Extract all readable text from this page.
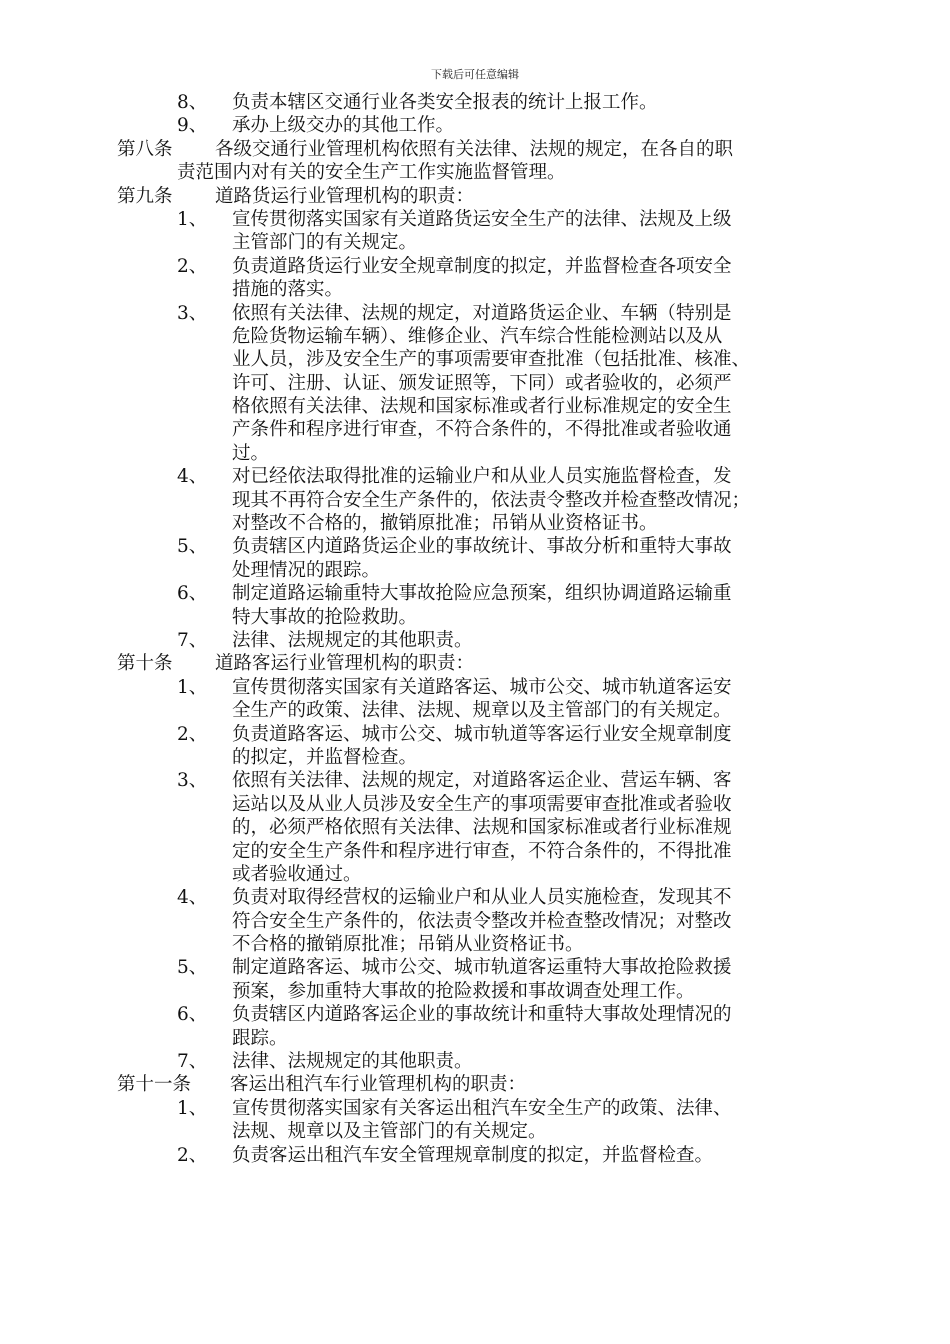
下载后可任意编辑
8、 负责本辖区交通行业各类安全报表的统计上报工作。
9、 承办上级交办的其他工作。
第八条 各级交通行业管理机构依照有关法律、法规的规定，在各自的职
责范围内对有关的安全生产工作实施监督管理。
第九条 道路货运行业管理机构的职责：
1、 宣传贯彻落实国家有关道路货运安全生产的法律、法规及上级
主管部门的有关规定。
2、 负责道路货运行业安全规章制度的拟定，并监督检查各项安全
措施的落实。
3、 依照有关法律、法规的规定，对道路货运企业、车辆（特别是
危险货物运输车辆）、维修企业、汽车综合性能检测站以及从
业人员，涉及安全生产的事项需要审查批准（包括批准、核准、
许可、注册、认证、颁发证照等，下同）或者验收的，必须严
格依照有关法律、法规和国家标准或者行业标准规定的安全生
产条件和程序进行审查，不符合条件的，不得批准或者验收通
过。
4、 对已经依法取得批准的运输业户和从业人员实施监督检查，发
现其不再符合安全生产条件的，依法责令整改并检查整改情况；
对整改不合格的，撤销原批准；吊销从业资格证书。
5、 负责辖区内道路货运企业的事故统计、事故分析和重特大事故
处理情况的跟踪。
6、 制定道路运输重特大事故抢险应急预案，组织协调道路运输重
特大事故的抢险救助。
7、 法律、法规规定的其他职责。
第十条 道路客运行业管理机构的职责：
1、 宣传贯彻落实国家有关道路客运、城市公交、城市轨道客运安
全生产的政策、法律、法规、规章以及主管部门的有关规定。
2、 负责道路客运、城市公交、城市轨道等客运行业安全规章制度
的拟定，并监督检查。
3、 依照有关法律、法规的规定，对道路客运企业、营运车辆、客
运站以及从业人员涉及安全生产的事项需要审查批准或者验收
的，必须严格依照有关法律、法规和国家标准或者行业标准规
定的安全生产条件和程序进行审查，不符合条件的，不得批准
或者验收通过。
4、 负责对取得经营权的运输业户和从业人员实施检查，发现其不
符合安全生产条件的，依法责令整改并检查整改情况；对整改
不合格的撤销原批准；吊销从业资格证书。
5、 制定道路客运、城市公交、城市轨道客运重特大事故抢险救援
预案，参加重特大事故的抢险救援和事故调查处理工作。
6、 负责辖区内道路客运企业的事故统计和重特大事故处理情况的
跟踪。
7、 法律、法规规定的其他职责。
第十一条 客运出租汽车行业管理机构的职责：
1、 宣传贯彻落实国家有关客运出租汽车安全生产的政策、法律、
法规、规章以及主管部门的有关规定。
2、 负责客运出租汽车安全管理规章制度的拟定，并监督检查。
